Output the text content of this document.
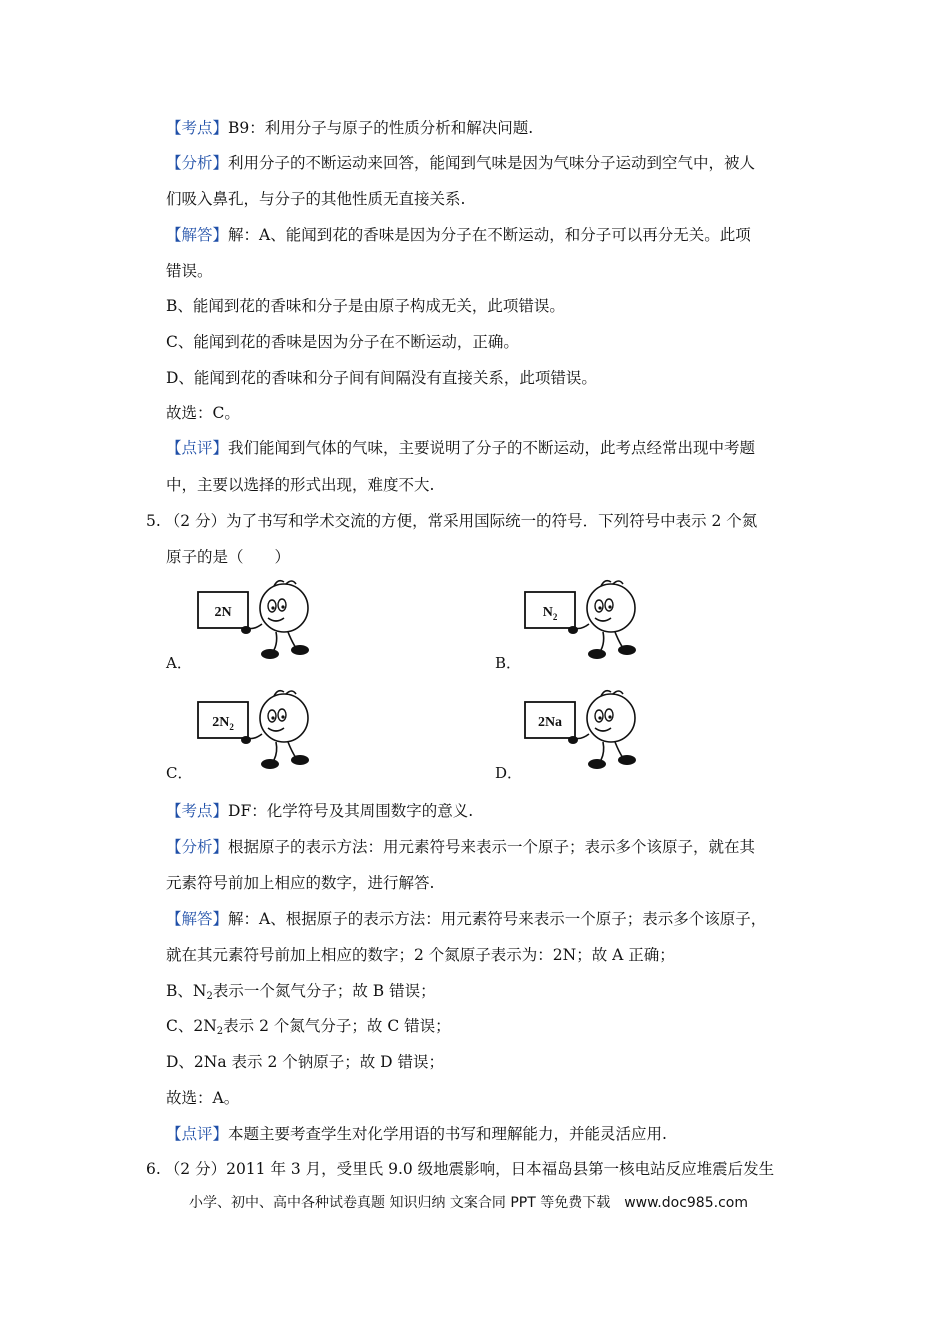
【考点】B9：利用分子与原子的性质分析和解决问题.
【分析】利用分子的不断运动来回答，能闻到气味是因为气味分子运动到空气中，被人
们吸入鼻孔，与分子的其他性质无直接关系.
【解答】解：A、能闻到花的香味是因为分子在不断运动，和分子可以再分无关。此项
错误。
B、能闻到花的香味和分子是由原子构成无关，此项错误。
C、能闻到花的香味是因为分子在不断运动，正确。
D、能闻到花的香味和分子间有间隔没有直接关系，此项错误。
故选：C。
【点评】我们能闻到气体的气味，主要说明了分子的不断运动，此考点经常出现中考题
中，主要以选择的形式出现，难度不大.
5. （2 分）为了书写和学术交流的方便，常采用国际统一的符号．下列符号中表示 2 个氮
原子的是（　　）
2N
A．
$N_2$
B．
$2N_2$
C．
2Na
D．
【考点】DF：化学符号及其周围数字的意义.
【分析】根据原子的表示方法：用元素符号来表示一个原子；表示多个该原子，就在其
元素符号前加上相应的数字，进行解答.
【解答】解：A、根据原子的表示方法：用元素符号来表示一个原子；表示多个该原子，
就在其元素符号前加上相应的数字；2 个氮原子表示为：2N；故 A 正确；
B、$N_2$表示一个氮气分子；故 B 错误；
C、$2N_2$表示 2 个氮气分子；故 C 错误；
D、2Na 表示 2 个钠原子；故 D 错误；
故选：A。
【点评】本题主要考查学生对化学用语的书写和理解能力，并能灵活应用.
6. （2 分）2011 年 3 月，受里氏 9.0 级地震影响，日本福岛县第一核电站反应堆震后发生
小学、初中、高中各种试卷真题 知识归纳 文案合同 PPT 等免费下载　www.doc985.com
